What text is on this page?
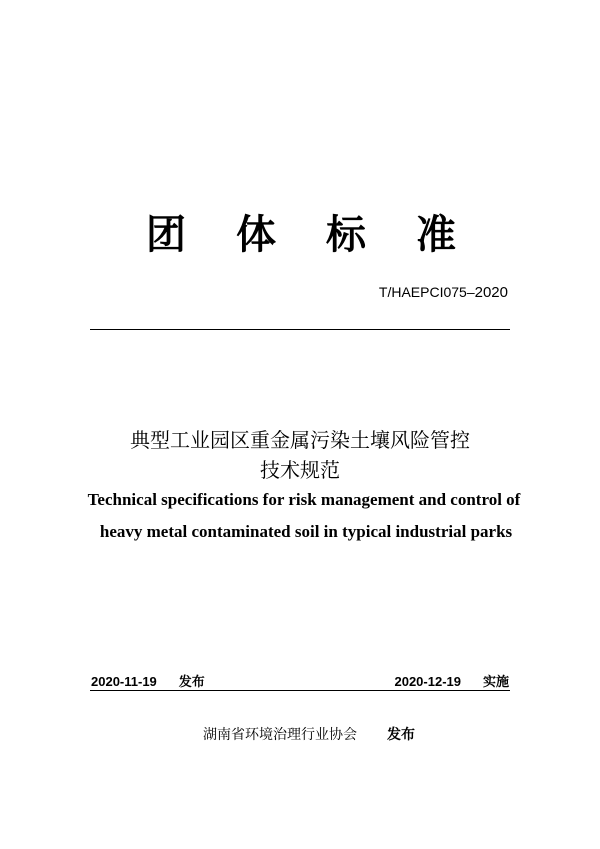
团 体 标 准
T/HAEPCI075–2020
典型工业园区重金属污染土壤风险管控
技术规范
Technical specifications for risk management and control of
heavy metal contaminated soil in typical industrial parks
2020-11-19 发布	2020-12-19 实施
湖南省环境治理行业协会 发布
